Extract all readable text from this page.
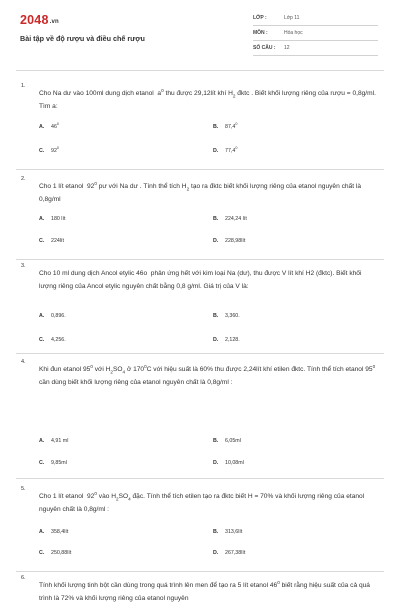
2048.vn
Bài tập về độ rượu và điều chế rượu
LỚP :	Lớp 11
MÔN :	Hóa học
SỐ CÂU : 12
1.
Cho Na dư vào 100ml dung dịch etanol  $a^0$ thu được 29,12lít khí $H_2$ đktc . Biết khối lượng riêng của rượu = 0,8g/ml. Tìm a:
A. $46^0$	B. 87,4$^0$
C. $92^0$	D. 77,4$^0$
2.
Cho 1 lít etanol  $92^0$ pư với Na dư . Tính thể tích $H_2$ tạo ra đktc biết khối lượng riêng của etanol nguyên chất là 0,8g/ml
A. 180 lít	B. 224,24 lít
C. 224lít	D. 228,98lít
3.
Cho 10 ml dung dịch Ancol etylic 46o  phản ứng hết với kim loại Na (dư), thu được V lít khí H2 (đktc). Biết khối lượng riêng của Ancol etylic nguyên chất bằng 0,8 g/ml. Giá trị của V là:
A. 0,896.	B. 3,360.
C. 4,256.	D. 2,128.
4.
Khi đun etanol $95^0$ với $H_2SO_4$ ở $170^0C$ với hiệu suất là 60% thu được 2,24lít khí etilen đktc. Tính thể tích etanol $95^0$ cần dùng biết khối lượng riêng của etanol nguyên chất là 0,8g/ml :
A. 4,91 ml	B. 6,05ml
C. 9,85ml	D. 10,08ml
5.
Cho 1 lít etanol  $92^0$ vào $H_2SO_4$ đặc. Tính thể tích etilen tạo ra đktc biết H = 70% và khối lượng riêng của etanol nguyên chất là 0,8g/ml :
A. 358,4lít	B. 313,6lít
C. 250,88lít	D. 267,38lít
6.
Tính khối lượng tinh bột cần dùng trong quá trình lên men để tạo ra 5 lít etanol $46^0$ biết rằng hiệu suất của cả quá trình là 72% và khối lượng riêng của etanol nguyên
